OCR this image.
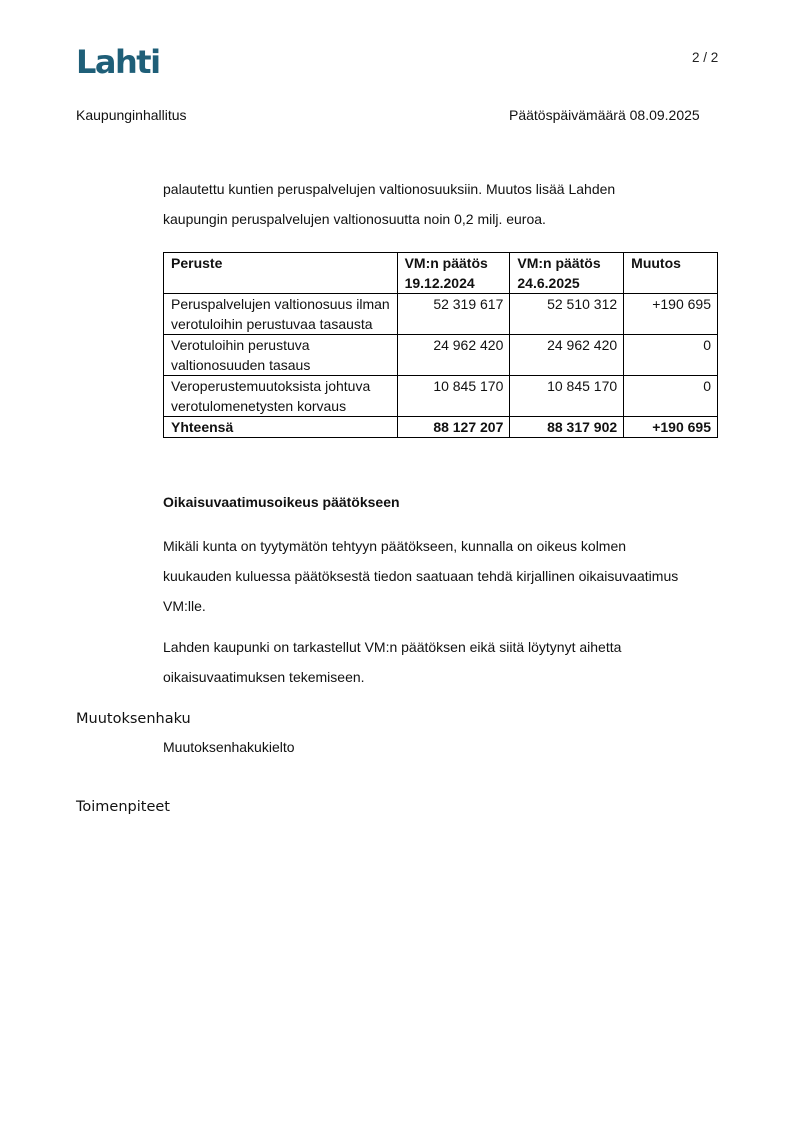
Lahti	2 / 2
Kaupunginhallitus	Päätöspäivämäärä 08.09.2025
palautettu kuntien peruspalvelujen valtionosuuksiin. Muutos lisää Lahden
kaupungin peruspalvelujen valtionosuutta noin 0,2 milj. euroa.
Peruste	VM:n päätös 19.12.2024	VM:n päätös 24.6.2025	Muutos
Peruspalvelujen valtionosuus ilman verotuloihin perustuvaa tasausta	52 319 617	52 510 312	+190 695
Verotuloihin perustuva valtionosuuden tasaus	24 962 420	24 962 420	0
Veroperustemuutoksista johtuva verotulomenetysten korvaus	10 845 170	10 845 170	0
Yhteensä	88 127 207	88 317 902	+190 695
Oikaisuvaatimusoikeus päätökseen
Mikäli kunta on tyytymätön tehtyyn päätökseen, kunnalla on oikeus kolmen
kuukauden kuluessa päätöksestä tiedon saatuaan tehdä kirjallinen oikaisuvaatimus
VM:lle.
Lahden kaupunki on tarkastellut VM:n päätöksen eikä siitä löytynyt aihetta
oikaisuvaatimuksen tekemiseen.
Muutoksenhaku
Muutoksenhakukielto
Toimenpiteet
